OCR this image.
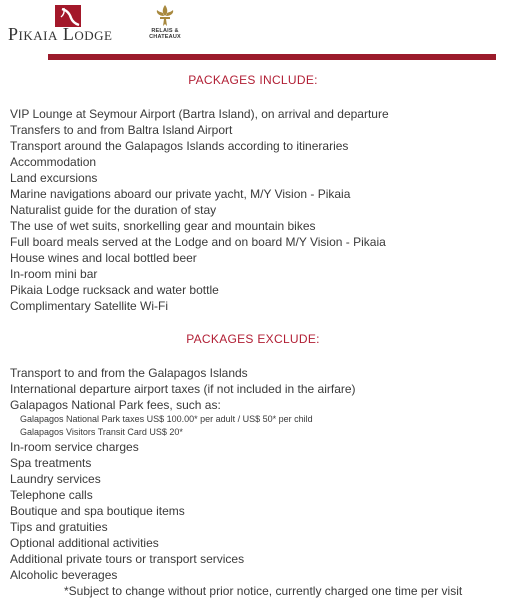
Pikaia Lodge	RELAIS &
CHATEAUX
PACKAGES INCLUDE:
VIP Lounge at Seymour Airport (Bartra Island), on arrival and departure
Transfers to and from Baltra Island Airport
Transport around the Galapagos Islands according to itineraries
Accommodation
Land excursions
Marine navigations aboard our private yacht, M/Y Vision - Pikaia
Naturalist guide for the duration of stay
The use of wet suits, snorkelling gear and mountain bikes
Full board meals served at the Lodge and on board M/Y Vision - Pikaia
House wines and local bottled beer
In-room mini bar
Pikaia Lodge rucksack and water bottle
Complimentary Satellite Wi-Fi
PACKAGES EXCLUDE:
Transport to and from the Galapagos Islands
International departure airport taxes (if not included in the airfare)
Galapagos National Park fees, such as:
Galapagos National Park taxes US$ 100.00* per adult / US$ 50* per child
Galapagos Visitors Transit Card US$ 20*
In-room service charges
Spa treatments
Laundry services
Telephone calls
Boutique and spa boutique items
Tips and gratuities
Optional additional activities
Additional private tours or transport services
Alcoholic beverages
*Subject to change without prior notice, currently charged one time per visit
